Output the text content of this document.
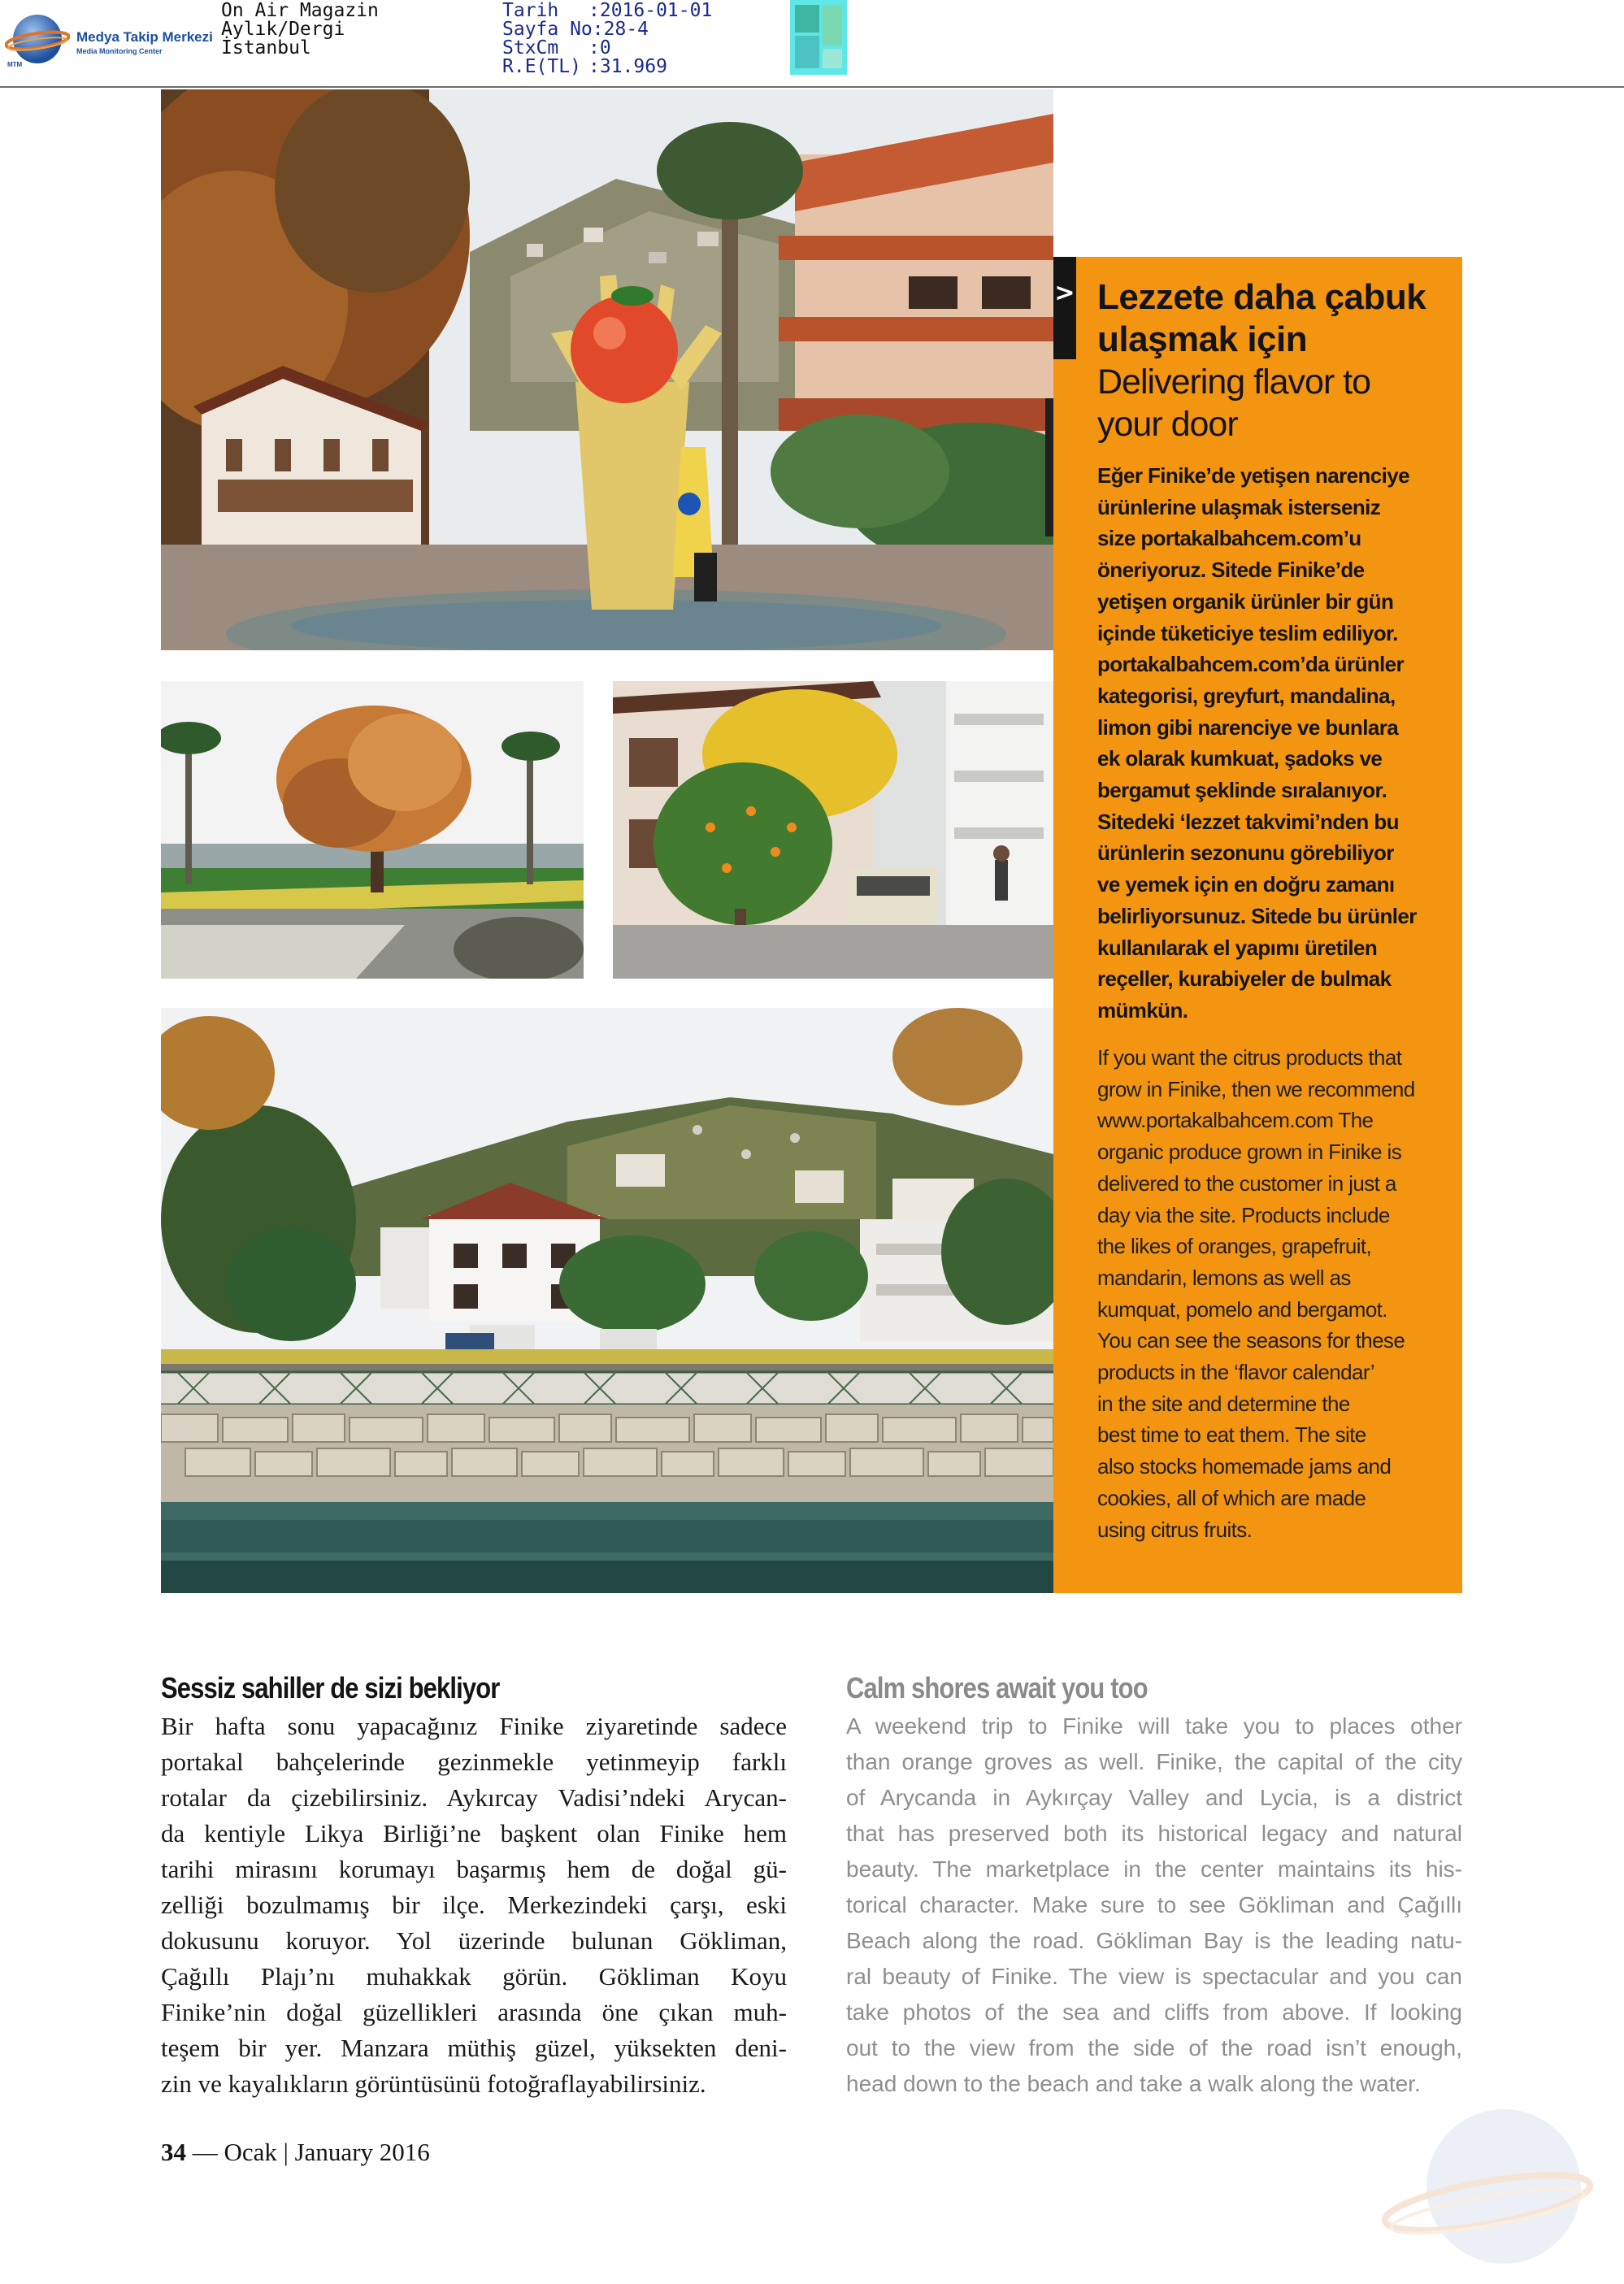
MTM
Medya Takip Merkezi
Media Monitoring Center
On Air Magazin
Aylık/Dergi
İstanbul
Tarih :2016-01-01
Sayfa No:28-4
StxCm :0
R.E(TL) :31.969
> Lezzete daha çabuk
ulaşmak için
Delivering flavor to
your door
Eğer Finike’de yetişen narenciye
ürünlerine ulaşmak isterseniz
size portakalbahcem.com’u
öneriyoruz. Sitede Finike’de
yetişen organik ürünler bir gün
içinde tüketiciye teslim ediliyor.
portakalbahcem.com’da ürünler
kategorisi, greyfurt, mandalina,
limon gibi narenciye ve bunlara
ek olarak kumkuat, şadoks ve
bergamut şeklinde sıralanıyor.
Sitedeki ‘lezzet takvimi’nden bu
ürünlerin sezonunu görebiliyor
ve yemek için en doğru zamanı
belirliyorsunuz. Sitede bu ürünler
kullanılarak el yapımı üretilen
reçeller, kurabiyeler de bulmak
mümkün.
If you want the citrus products that
grow in Finike, then we recommend
www.portakalbahcem.com The
organic produce grown in Finike is
delivered to the customer in just a
day via the site. Products include
the likes of oranges, grapefruit,
mandarin, lemons as well as
kumquat, pomelo and bergamot.
You can see the seasons for these
products in the ‘flavor calendar’
in the site and determine the
best time to eat them. The site
also stocks homemade jams and
cookies, all of which are made
using citrus fruits.
Sessiz sahiller de sizi bekliyor
Bir hafta sonu yapacağınız Finike ziyaretinde sadece
portakal bahçelerinde gezinmekle yetinmeyip farklı
rotalar da çizebilirsiniz. Aykırcay Vadisi’ndeki Arycan-
da kentiyle Likya Birliği’ne başkent olan Finike hem
tarihi mirasını korumayı başarmış hem de doğal gü-
zelliği bozulmamış bir ilçe. Merkezindeki çarşı, eski
dokusunu koruyor. Yol üzerinde bulunan Gökliman,
Çağıllı Plajı’nı muhakkak görün. Gökliman Koyu
Finike’nin doğal güzellikleri arasında öne çıkan muh-
teşem bir yer. Manzara müthiş güzel, yüksekten deni-
zin ve kayalıkların görüntüsünü fotoğraflayabilirsiniz.
Calm shores await you too
A weekend trip to Finike will take you to places other
than orange groves as well. Finike, the capital of the city
of Arycanda in Aykırçay Valley and Lycia, is a district
that has preserved both its historical legacy and natural
beauty. The marketplace in the center maintains its his-
torical character. Make sure to see Gökliman and Çağıllı
Beach along the road. Gökliman Bay is the leading natu-
ral beauty of Finike. The view is spectacular and you can
take photos of the sea and cliffs from above. If looking
out to the view from the side of the road isn’t enough,
head down to the beach and take a walk along the water.
34 — Ocak | January 2016
